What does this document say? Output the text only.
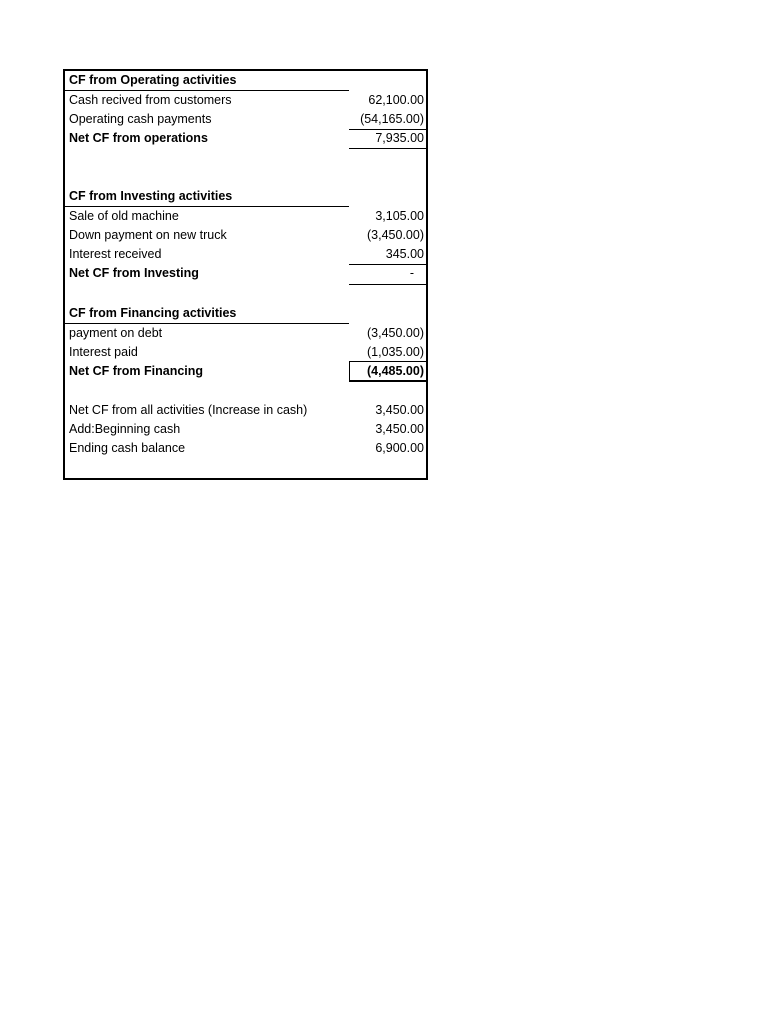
CF from Operating activities
Cash recived from customers	62,100.00
Operating cash payments	(54,165.00)
Net CF from operations	7,935.00
CF from Investing activities
Sale of old machine	3,105.00
Down payment on new truck	(3,450.00)
Interest received	345.00
Net CF from Investing	-
CF from Financing activities
payment on debt	(3,450.00)
Interest paid	(1,035.00)
Net CF from Financing	(4,485.00)
Net CF from all activities (Increase in cash)	3,450.00
Add:Beginning cash	3,450.00
Ending cash balance	6,900.00
